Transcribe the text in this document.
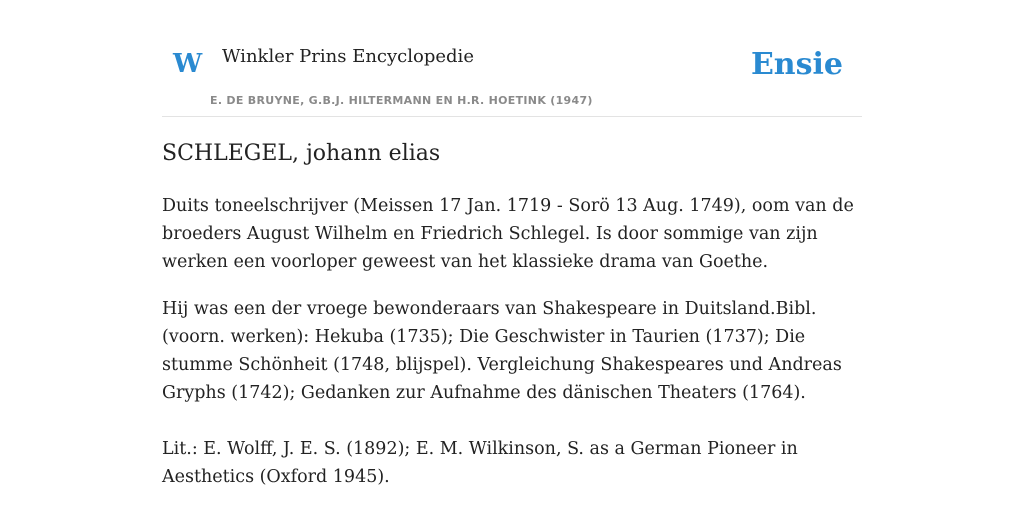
W Winkler Prins Encyclopedie
E. DE BRUYNE, G.B.J. HILTERMANN EN H.R. HOETINK (1947)
Ensie
SCHLEGEL, johann elias

Duits toneelschrijver (Meissen 17 Jan. 1719 - Sorö 13 Aug. 1749), oom van de broeders August Wilhelm en Friedrich Schlegel. Is door sommige van zijn werken een voorloper geweest van het klassieke drama van Goethe.

Hij was een der vroege bewonderaars van Shakespeare in Duitsland.Bibl. (voorn. werken): Hekuba (1735); Die Geschwister in Taurien (1737); Die stumme Schönheit (1748, blijspel). Vergleichung Shakespeares und Andreas Gryphs (1742); Gedanken zur Aufnahme des dänischen Theaters (1764).

Lit.: E. Wolff, J. E. S. (1892); E. M. Wilkinson, S. as a German Pioneer in Aesthetics (Oxford 1945).
